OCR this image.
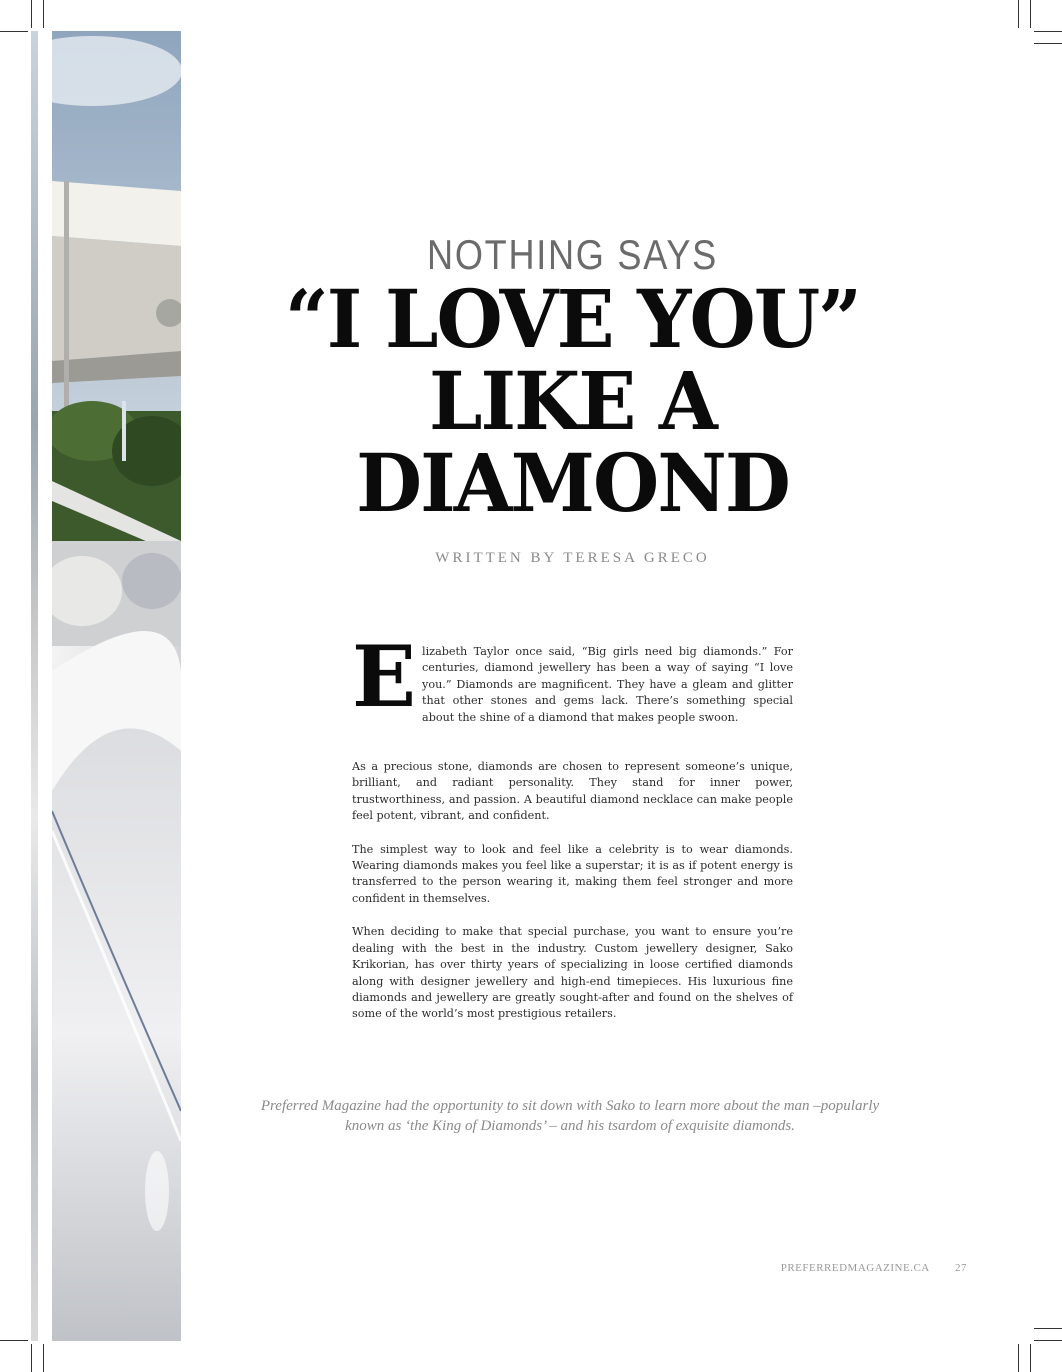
NOTHING SAYS
“I LOVE YOU”
LIKE A
DIAMOND
WRITTEN BY TERESA GRECO

Elizabeth Taylor once said, “Big girls need big diamonds.” For centuries, diamond jewellery has been a way of saying “I love you.” Diamonds are magnificent. They have a gleam and glitter that other stones and gems lack. There’s something special about the shine of a diamond that makes people swoon.

As a precious stone, diamonds are chosen to represent someone’s unique, brilliant, and radiant personality. They stand for inner power, trustworthiness, and passion. A beautiful diamond necklace can make people feel potent, vibrant, and confident.

The simplest way to look and feel like a celebrity is to wear diamonds. Wearing diamonds makes you feel like a superstar; it is as if potent energy is transferred to the person wearing it, making them feel stronger and more confident in themselves.

When deciding to make that special purchase, you want to ensure you’re dealing with the best in the industry. Custom jewellery designer, Sako Krikorian, has over thirty years of specializing in loose certified diamonds along with designer jewellery and high-end timepieces. His luxurious fine diamonds and jewellery are greatly sought-after and found on the shelves of some of the world’s most prestigious retailers.

Preferred Magazine had the opportunity to sit down with Sako to learn more about the man –popularly
known as ‘the King of Diamonds’ – and his tsardom of exquisite diamonds.
PREFERREDMAGAZINE.CA 27
